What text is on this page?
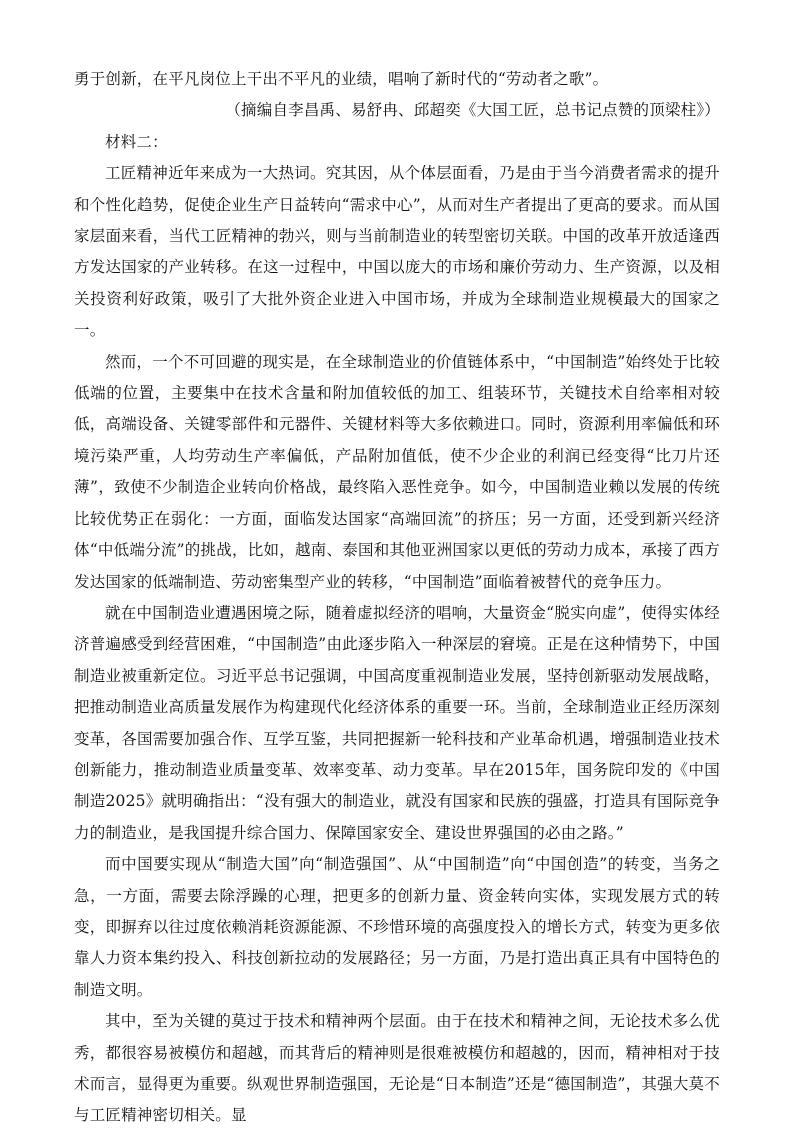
勇于创新，在平凡岗位上干出不平凡的业绩，唱响了新时代的“劳动者之歌”。

（摘编自李昌禹、易舒冉、邱超奕《大国工匠，总书记点赞的顶梁柱》）

材料二：

工匠精神近年来成为一大热词。究其因，从个体层面看，乃是由于当今消费者需求的提升和个性化趋势，促使企业生产日益转向“需求中心”，从而对生产者提出了更高的要求。而从国家层面来看，当代工匠精神的勃兴，则与当前制造业的转型密切关联。中国的改革开放适逢西方发达国家的产业转移。在这一过程中，中国以庞大的市场和廉价劳动力、生产资源，以及相关投资利好政策，吸引了大批外资企业进入中国市场，并成为全球制造业规模最大的国家之一。

然而，一个不可回避的现实是，在全球制造业的价值链体系中，“中国制造”始终处于比较低端的位置，主要集中在技术含量和附加值较低的加工、组装环节，关键技术自给率相对较低，高端设备、关键零部件和元器件、关键材料等大多依赖进口。同时，资源利用率偏低和环境污染严重，人均劳动生产率偏低，产品附加值低，使不少企业的利润已经变得“比刀片还薄”，致使不少制造企业转向价格战，最终陷入恶性竞争。如今，中国制造业赖以发展的传统比较优势正在弱化：一方面，面临发达国家“高端回流”的挤压；另一方面，还受到新兴经济体“中低端分流”的挑战，比如，越南、泰国和其他亚洲国家以更低的劳动力成本，承接了西方发达国家的低端制造、劳动密集型产业的转移，“中国制造”面临着被替代的竞争压力。

就在中国制造业遭遇困境之际，随着虚拟经济的唱响，大量资金“脱实向虚”，使得实体经济普遍感受到经营困难，“中国制造”由此逐步陷入一种深层的窘境。正是在这种情势下，中国制造业被重新定位。习近平总书记强调，中国高度重视制造业发展，坚持创新驱动发展战略，把推动制造业高质量发展作为构建现代化经济体系的重要一环。当前，全球制造业正经历深刻变革，各国需要加强合作、互学互鉴，共同把握新一轮科技和产业革命机遇，增强制造业技术创新能力，推动制造业质量变革、效率变革、动力变革。早在2015年，国务院印发的《中国制造2025》就明确指出：“没有强大的制造业，就没有国家和民族的强盛，打造具有国际竞争力的制造业，是我国提升综合国力、保障国家安全、建设世界强国的必由之路。”

而中国要实现从“制造大国”向“制造强国”、从“中国制造”向“中国创造”的转变，当务之急，一方面，需要去除浮躁的心理，把更多的创新力量、资金转向实体，实现发展方式的转变，即摒弃以往过度依赖消耗资源能源、不珍惜环境的高强度投入的增长方式，转变为更多依靠人力资本集约投入、科技创新拉动的发展路径；另一方面，乃是打造出真正具有中国特色的制造文明。

其中，至为关键的莫过于技术和精神两个层面。由于在技术和精神之间，无论技术多么优秀，都很容易被模仿和超越，而其背后的精神则是很难被模仿和超越的，因而，精神相对于技术而言，显得更为重要。纵观世界制造强国，无论是“日本制造”还是“德国制造”，其强大莫不与工匠精神密切相关。显
